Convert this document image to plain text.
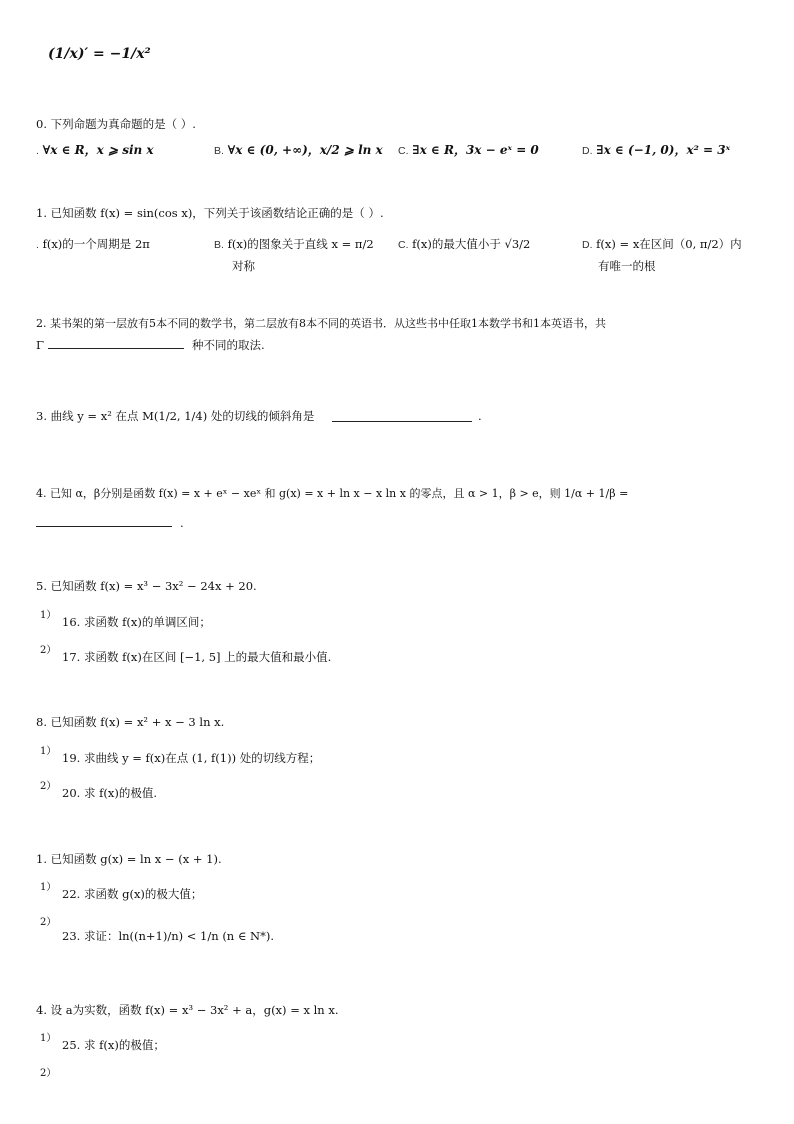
(1/x)′ = −1/x²
0. 下列命题为真命题的是（ ）.
. ∀x ∈ R，x ⩾ sin x	B. ∀x ∈ (0, +∞)，x/2 ⩾ ln x C. ∃x ∈ R，3x − eˣ = 0	D. ∃x ∈ (−1, 0)，x² = 3ˣ
1. 已知函数 f(x) = sin(cos x)，下列关于该函数结论正确的是（ ）.
. f(x)的一个周期是 2π	B. f(x)的图象关于直线 x = π/2
对称
C. f(x)的最大值小于 √3/2	D. f(x) = x在区间（0, π/2）内
有唯一的根
2. 某书架的第一层放有5本不同的数学书，第二层放有8本不同的英语书．从这些书中任取1本数学书和1本英语书，共
Γ	种不同的取法.
3. 曲线 y = x² 在点 M(1/2, 1/4) 处的切线的倾斜角是	.
4. 已知 α，β分别是函数 f(x) = x + eˣ − xeˣ 和 g(x) = x + ln x − x ln x 的零点，且 α > 1，β > e，则 1/α + 1/β =
.
5. 已知函数 f(x) = x³ − 3x² − 24x + 20.
1） 16. 求函数 f(x)的单调区间；
2） 17. 求函数 f(x)在区间 [−1, 5] 上的最大值和最小值.
8. 已知函数 f(x) = x² + x − 3 ln x.
1） 19. 求曲线 y = f(x)在点 (1, f(1)) 处的切线方程；
2） 20. 求 f(x)的极值.
1. 已知函数 g(x) = ln x − (x + 1).
1） 22. 求函数 g(x)的极大值；
2）
23. 求证：ln((n+1)/n) < 1/n (n ∈ N*).
4. 设 a为实数，函数 f(x) = x³ − 3x² + a，g(x) = x ln x.
1） 25. 求 f(x)的极值；
2）
